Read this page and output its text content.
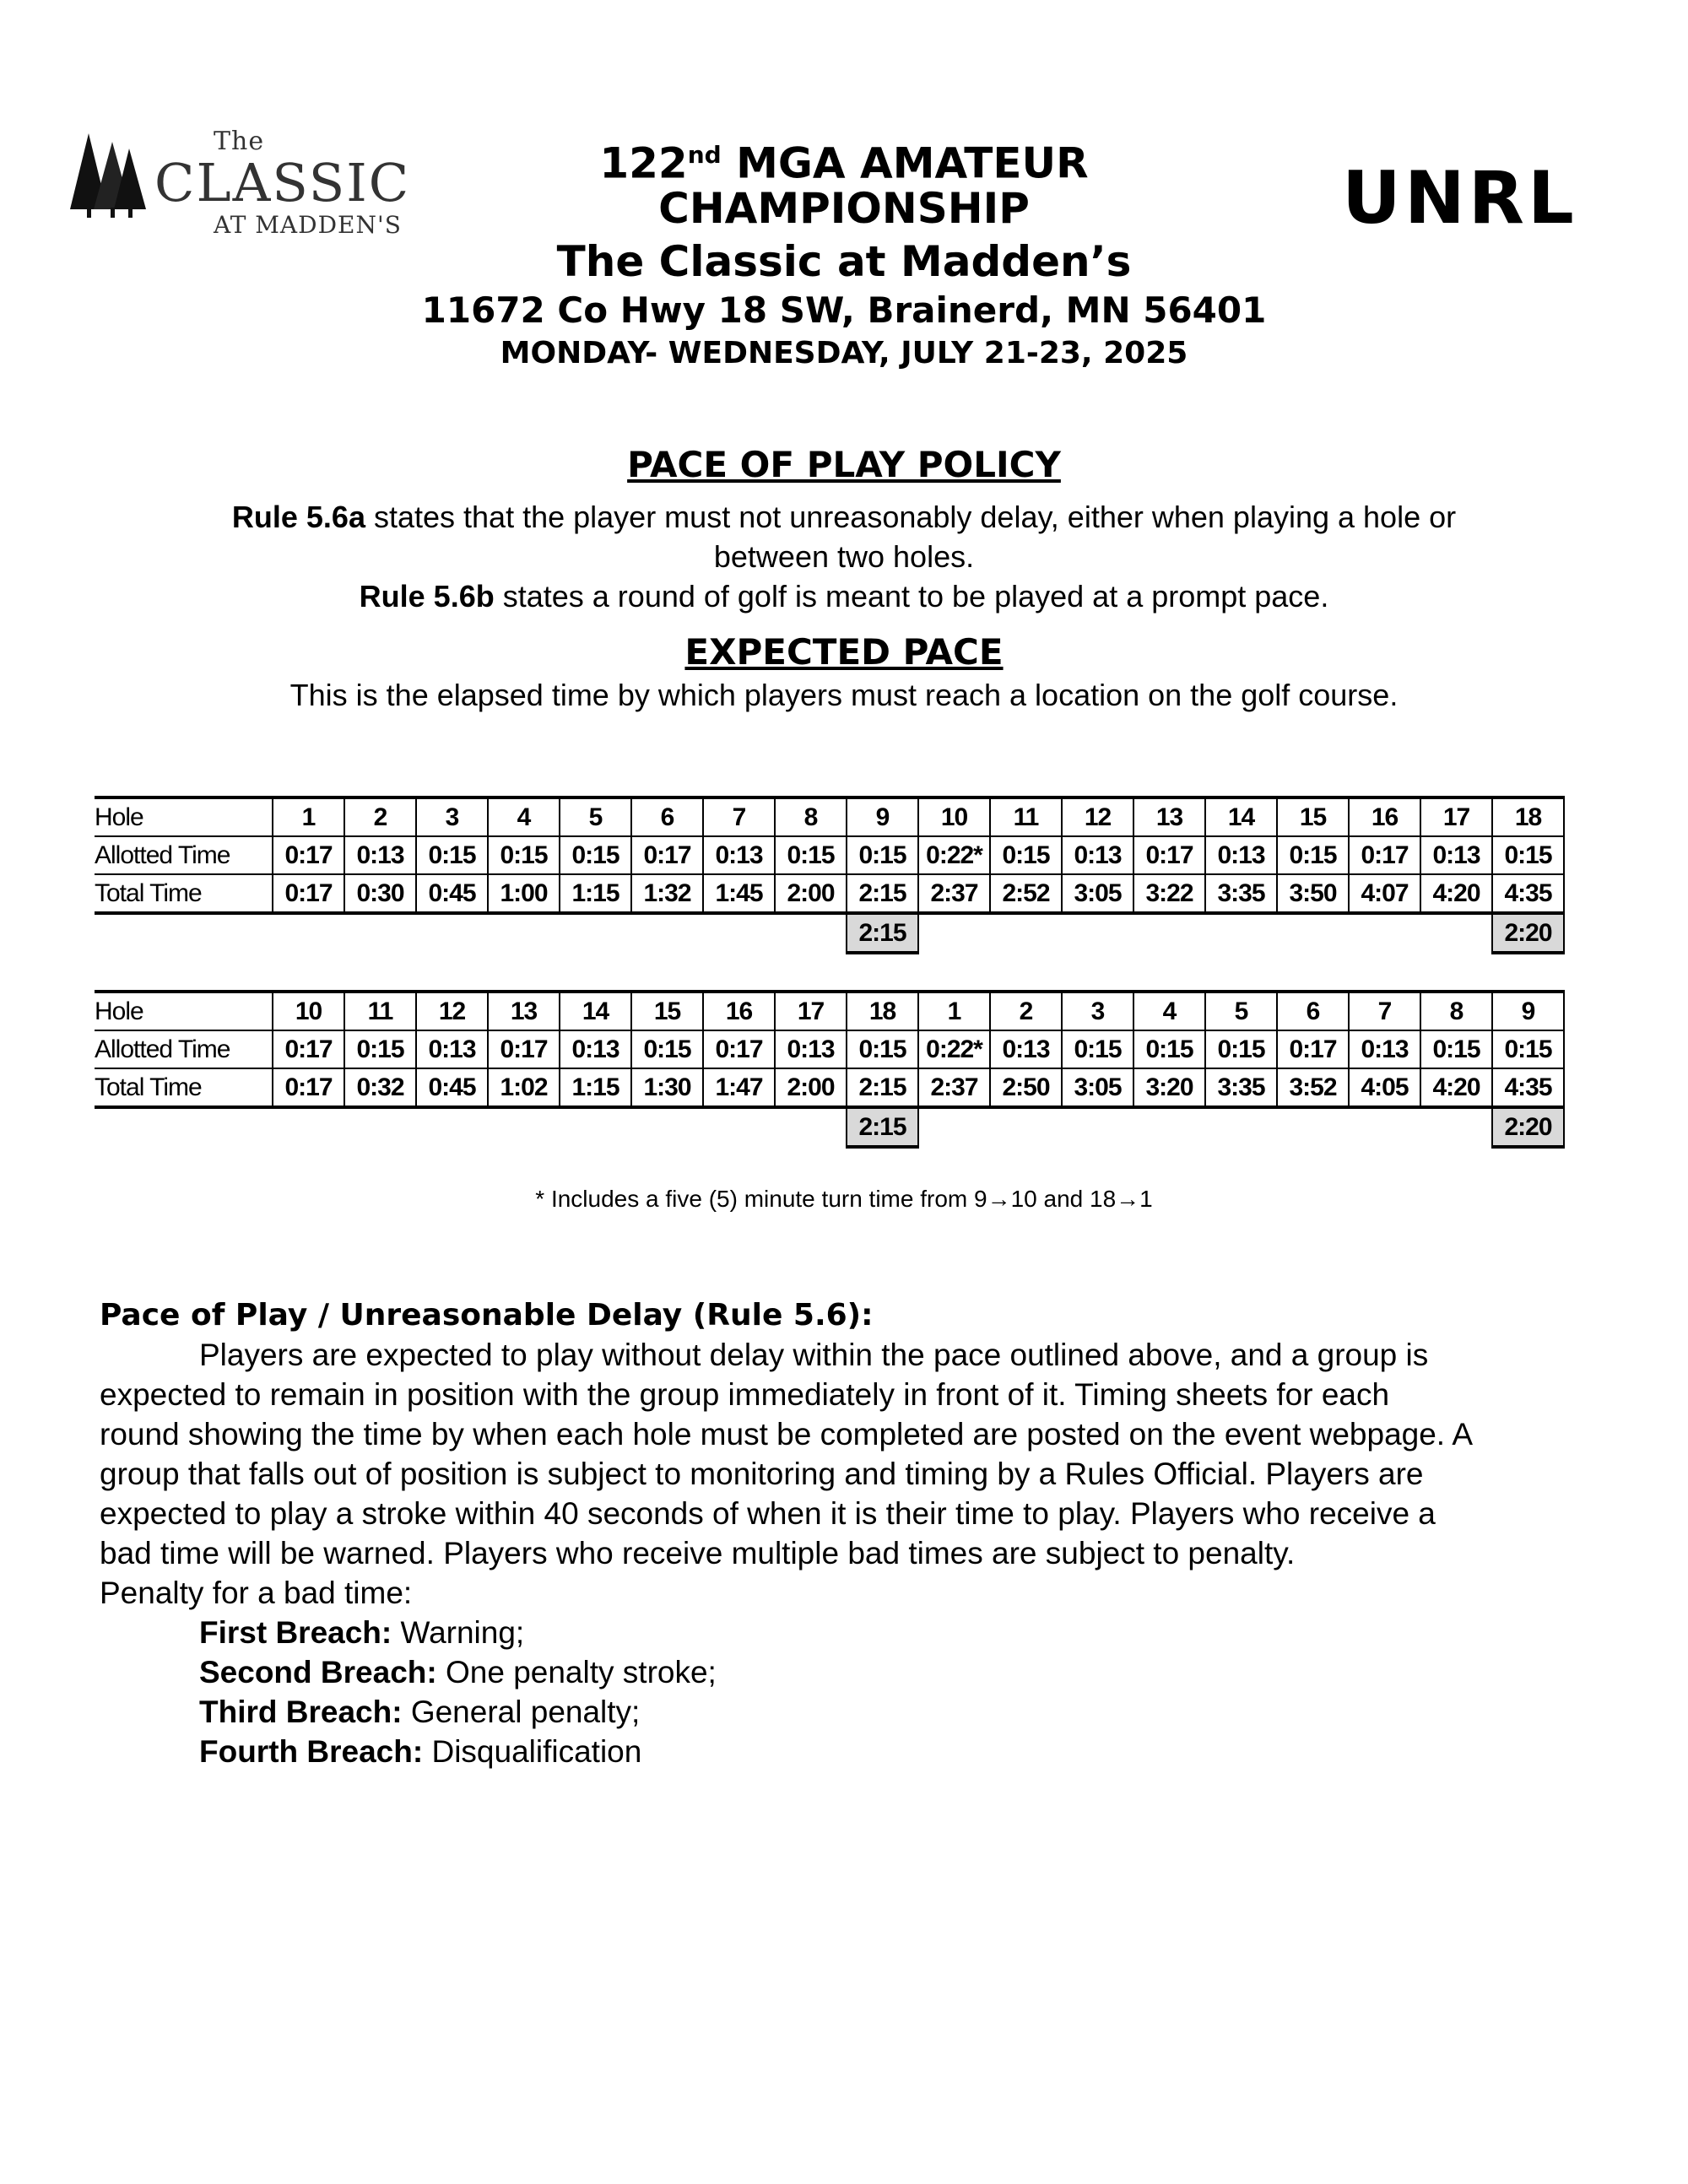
The
CLASSIC
AT MADDEN'S	UNRL
122nd MGA AMATEUR
CHAMPIONSHIP
The Classic at Madden’s
11672 Co Hwy 18 SW, Brainerd, MN 56401
MONDAY- WEDNESDAY, JULY 21-23, 2025
PACE OF PLAY POLICY
Rule 5.6a states that the player must not unreasonably delay, either when playing a hole or
between two holes.
Rule 5.6b states a round of golf is meant to be played at a prompt pace.
EXPECTED PACE
This is the elapsed time by which players must reach a location on the golf course.
Hole	1	2	3	4	5	6	7	8	9	10	11	12	13	14	15	16	17	18
Allotted Time	0:17	0:13	0:15	0:15	0:15	0:17	0:13	0:15	0:15	0:22*	0:15	0:13	0:17	0:13	0:15	0:17	0:13	0:15
Total Time	0:17	0:30	0:45	1:00	1:15	1:32	1:45	2:00	2:15	2:37	2:52	3:05	3:22	3:35	3:50	4:07	4:20	4:35
									2:15									2:20
Hole	10	11	12	13	14	15	16	17	18	1	2	3	4	5	6	7	8	9
Allotted Time	0:17	0:15	0:13	0:17	0:13	0:15	0:17	0:13	0:15	0:22*	0:13	0:15	0:15	0:15	0:17	0:13	0:15	0:15
Total Time	0:17	0:32	0:45	1:02	1:15	1:30	1:47	2:00	2:15	2:37	2:50	3:05	3:20	3:35	3:52	4:05	4:20	4:35
									2:15									2:20
* Includes a five (5) minute turn time from 9→10 and 18→1
Pace of Play / Unreasonable Delay (Rule 5.6):
Players are expected to play without delay within the pace outlined above, and a group is
expected to remain in position with the group immediately in front of it. Timing sheets for each
round showing the time by when each hole must be completed are posted on the event webpage. A
group that falls out of position is subject to monitoring and timing by a Rules Official. Players are
expected to play a stroke within 40 seconds of when it is their time to play. Players who receive a
bad time will be warned. Players who receive multiple bad times are subject to penalty.
Penalty for a bad time:
First Breach: Warning;
Second Breach: One penalty stroke;
Third Breach: General penalty;
Fourth Breach: Disqualification
